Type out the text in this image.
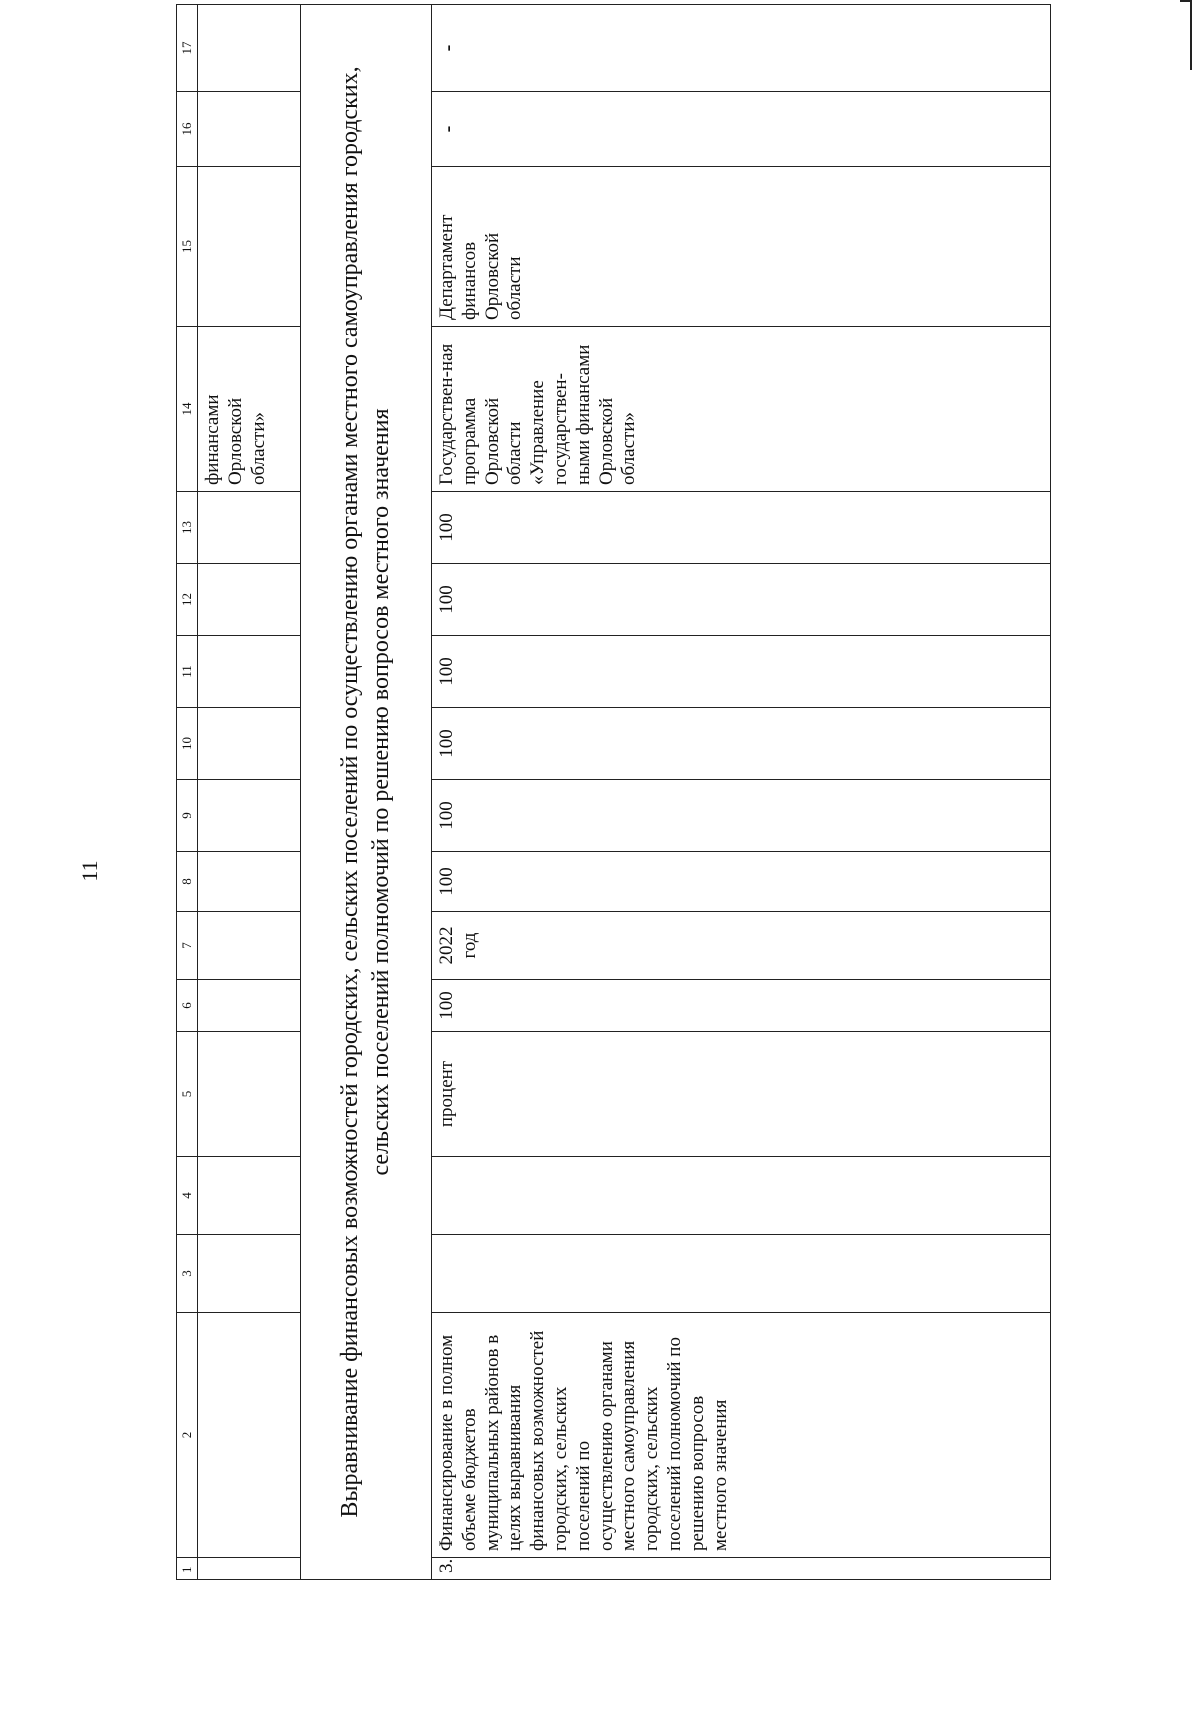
11
1	2	3	4	5	6	7	8	9	10	11	12	13	14	15	16	17
													финансами Орловской области»			
Выравнивание финансовых возможностей городских, сельских поселений по осуществлению органами местного самоуправления городских, сельских поселений полномочий по решению вопросов местного значения																
3.	Финансирование в полном объеме бюджетов муниципальных районов в целях выравнивания финансовых возможностей городских, сельских поселений по осуществлению органами местного самоуправления городских, сельских поселений полномочий по решению вопросов местного значения			процент	100	2022 год	100	100	100	100	100	100	Государствен-ная программа Орловской области «Управление государствен-ными финансами Орловской области»	Департамент финансов Орловской области	-	-
